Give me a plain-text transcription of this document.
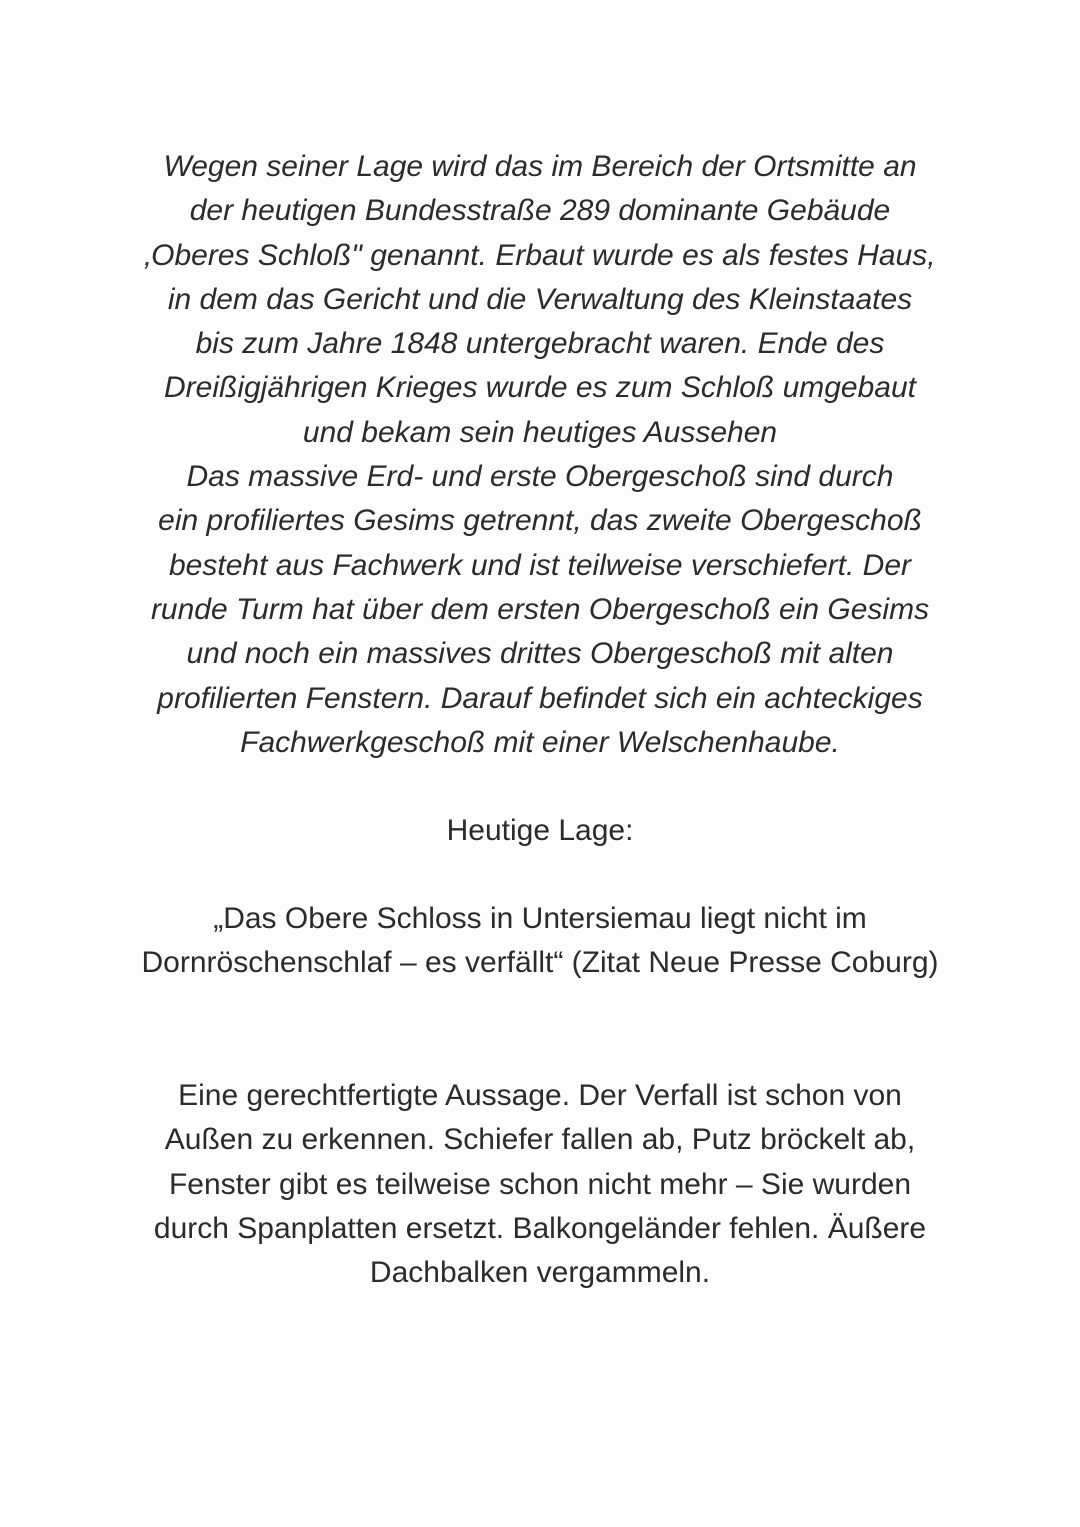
Wegen seiner Lage wird das im Bereich der Ortsmitte an
der heutigen Bundesstraße 289 dominante Gebäude
‚Oberes Schloß" genannt. Erbaut wurde es als festes Haus,
in dem das Gericht und die Verwaltung des Kleinstaates
bis zum Jahre 1848 untergebracht waren. Ende des
Dreißigjährigen Krieges wurde es zum Schloß umgebaut
und bekam sein heutiges Aussehen
Das massive Erd- und erste Obergeschoß sind durch
ein profiliertes Gesims getrennt, das zweite Obergeschoß
besteht aus Fachwerk und ist teilweise verschiefert. Der
runde Turm hat über dem ersten Obergeschoß ein Gesims
und noch ein massives drittes Obergeschoß mit alten
profilierten Fenstern. Darauf befindet sich ein achteckiges
Fachwerkgeschoß mit einer Welschenhaube.
Heutige Lage:
„Das Obere Schloss in Untersiemau liegt nicht im
Dornröschenschlaf – es verfällt“ (Zitat Neue Presse Coburg)
Eine gerechtfertigte Aussage. Der Verfall ist schon von
Außen zu erkennen. Schiefer fallen ab, Putz bröckelt ab,
Fenster gibt es teilweise schon nicht mehr – Sie wurden
durch Spanplatten ersetzt. Balkongeländer fehlen. Äußere
Dachbalken vergammeln.
